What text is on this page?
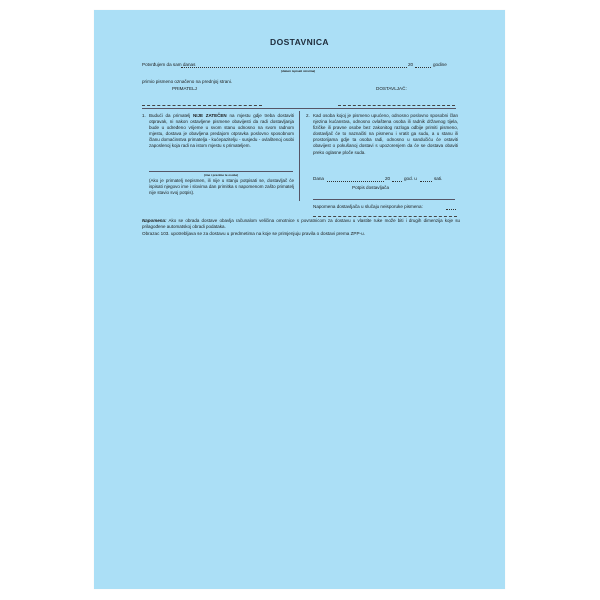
DOSTAVNICA
Potvrđujem da sam danas	20	godine
(datum ispisati slovima)
primio pismeno označeno na prednjoj strani.
PRIMATELJ	DOSTAVLJAČ:
1. Budući da primatelj NIJE ZATEČEN na mjestu gdje treba dostaviti otpravak, ni nakon ostavljene pismene obavijesti da radi dostavljanja bude u određeno vrijeme u svom stanu odnosno na svom radnom mjestu, dostava je obavljena predajom otpravka poslovno sposobnom članu domaćinstva primatelja - kućepazitelju - susjedu - ovlaštenoj osobi zaposlenoj koja radi na istom mjestu s primateljem.
(ime i prezime te osobe)
(Ako je primatelj nepismen, ili nije u stanju potpisati se, dostavljač će ispisati njegovo ime i slovima dan primitka s napomenom zašto primatelj nije stavio svoj potpis).
2. Kad osoba kojoj je pismeno upućeno, odnosno poslovno sposobni član njezina kućanstva, odnosno ovlaštena osoba ili radnik državnog tijela, fizičke ili pravne osobe bez zakonitog razloga odbije primiti pismeno, dostavljač će to naznačiti na pismenu i vratit ga sudu, a u stanu ili prostorijama gdje ta osoba radi, odnosno u sandučiću će ostaviti obavijest o pokušanoj dostavi s upozorenjem da će se dostava obaviti preko oglasne ploče suda.
Dana	20	god. u	sati.
Potpis dostavljača
Napomena dostavljača u slučaju neisporuke pismena:
Napomena: Ako se obrada dostave obavlja računalom veličina omotnice s povratnicom za dostavu u vlastite ruke može biti i drugih dimenzija koje su prilagođene automatskoj obradi podataka.
Obrazac 103. upotrebljava se za dostavu u predmetima na koje se primjenjuju pravila o dostavi prema ZPP-u.
